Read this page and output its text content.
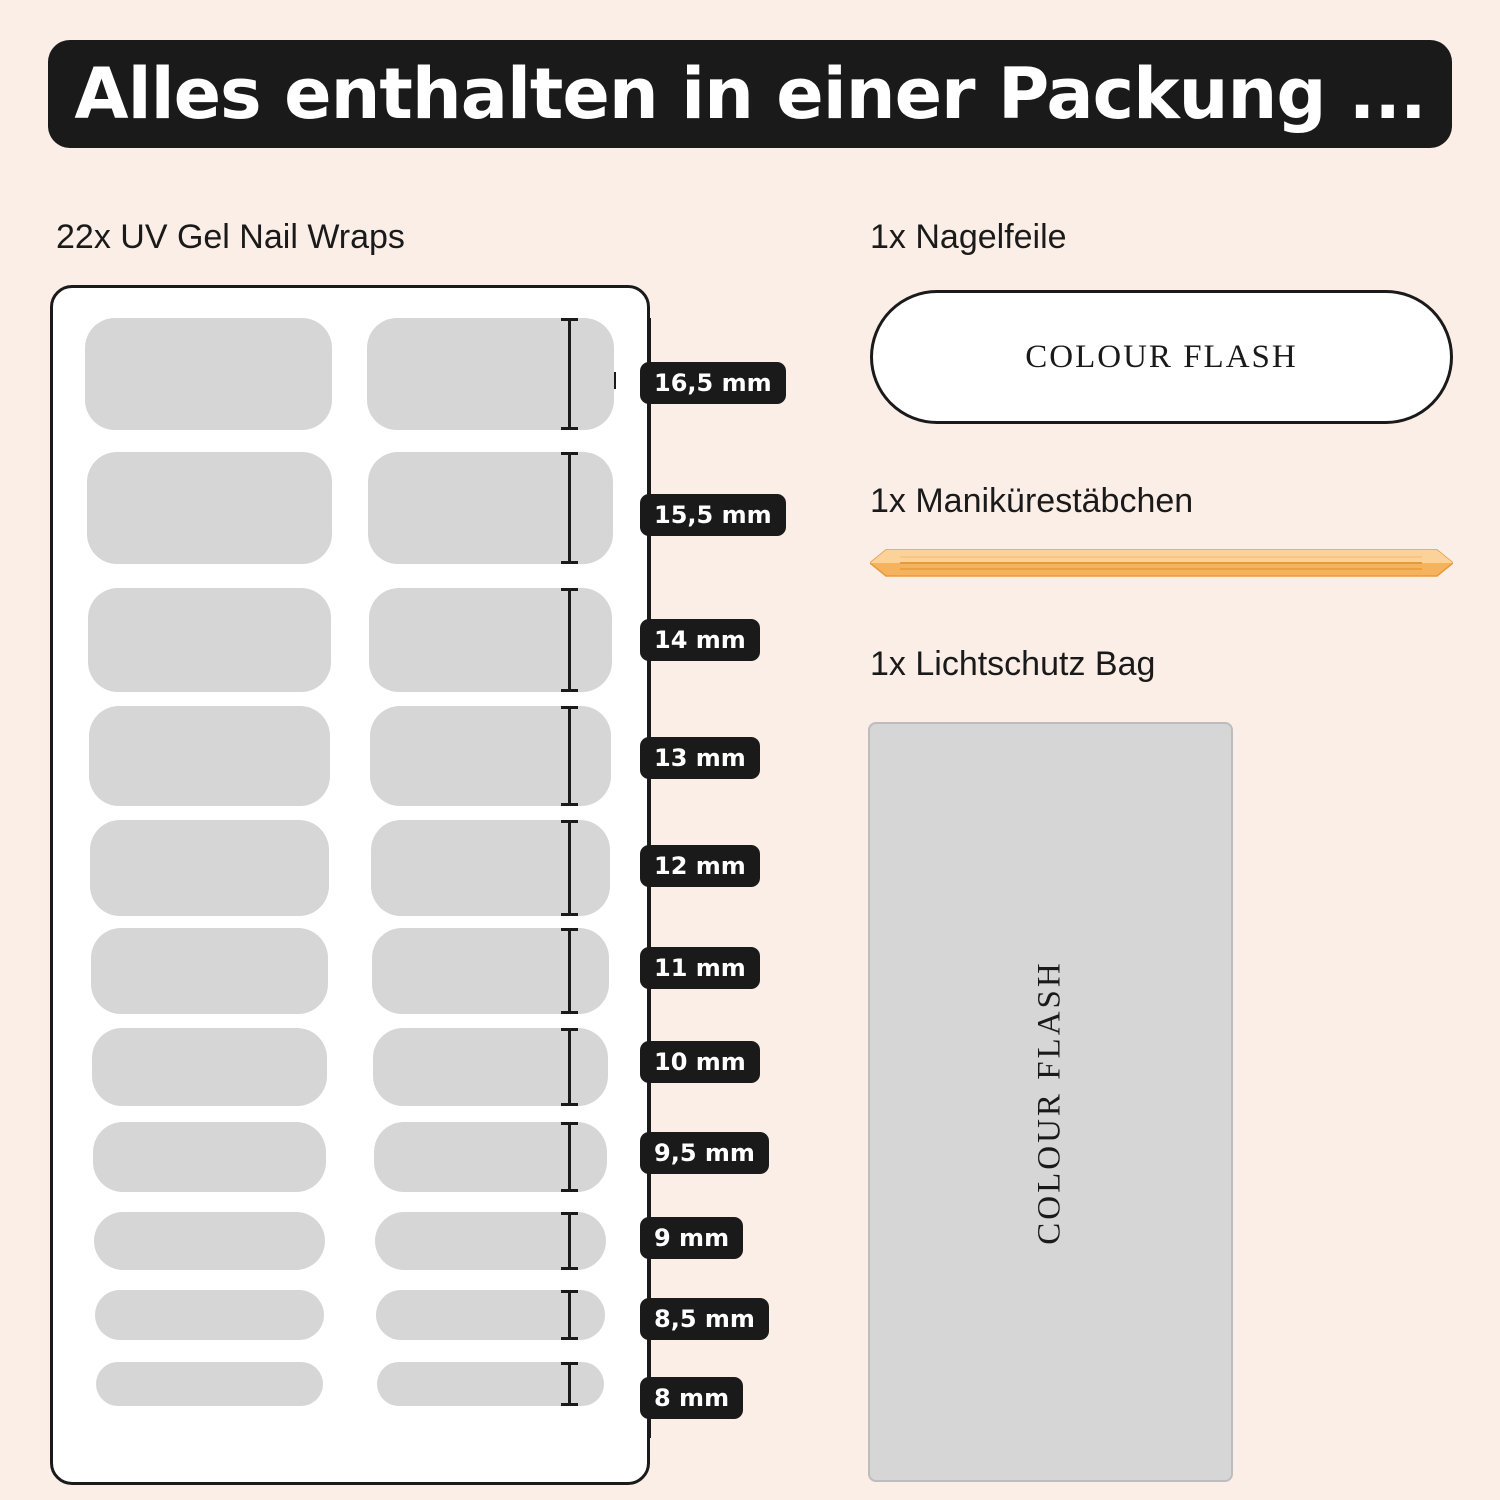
Alles enthalten in einer Packung ...
22x UV Gel Nail Wraps	1x Nagelfeile
1x Manikürestäbchen
1x Lichtschutz Bag
16,5 mm
15,5 mm
14 mm
13 mm
12 mm
11 mm
10 mm
9,5 mm
9 mm
8,5 mm
8 mm
COLOUR FLASH
COLOUR FLASH
